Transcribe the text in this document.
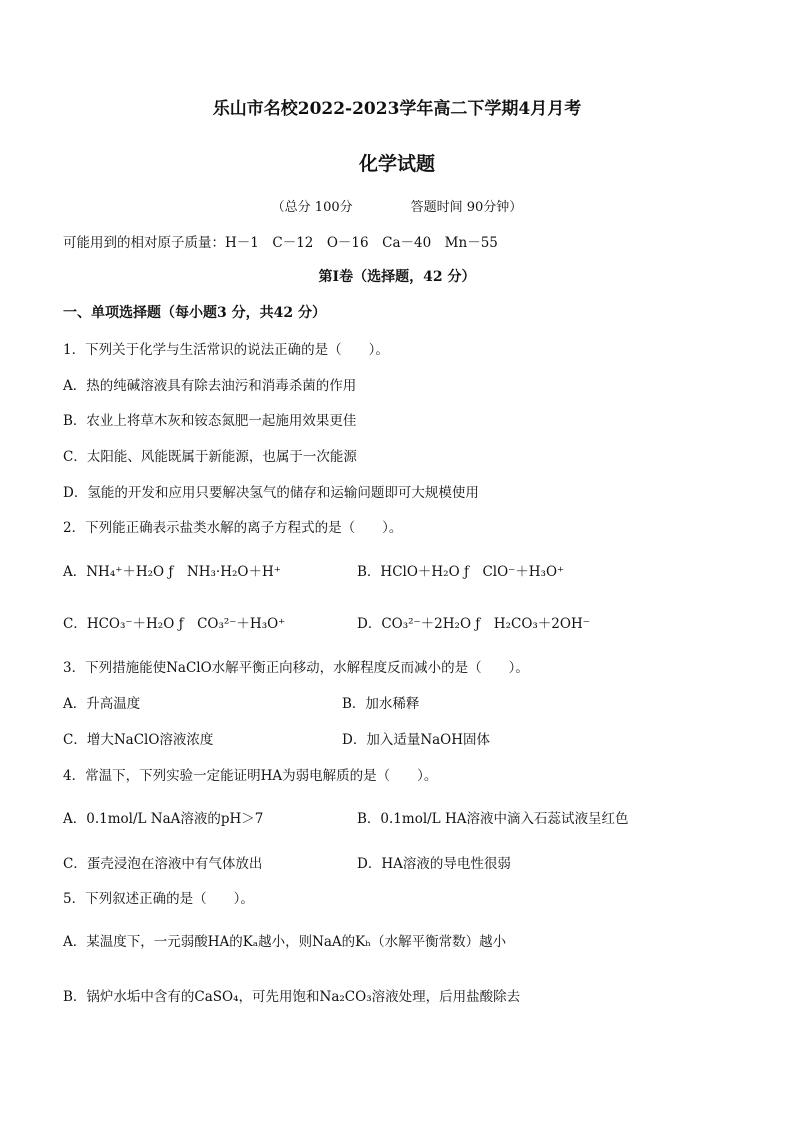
乐山市名校2022-2023学年高二下学期4月月考
化学试题
（总分 100分	答题时间 90分钟）
可能用到的相对原子质量：H－1　C－12　O－16　Ca－40　Mn－55
第Ⅰ卷（选择题，42 分）
一、单项选择题（每小题3 分，共42 分）
1．下列关于化学与生活常识的说法正确的是（　　）。
A．热的纯碱溶液具有除去油污和消毒杀菌的作用
B．农业上将草木灰和铵态氮肥一起施用效果更佳
C．太阳能、风能既属于新能源，也属于一次能源
D．氢能的开发和应用只要解决氢气的储存和运输问题即可大规模使用
2．下列能正确表示盐类水解的离子方程式的是（　　）。
A．NH₄⁺＋H₂O ƒ　NH₃·H₂O＋H⁺	B．HClO＋H₂O ƒ　ClO⁻＋H₃O⁺
C．HCO₃⁻＋H₂O ƒ　CO₃²⁻＋H₃O⁺	D．CO₃²⁻＋2H₂O ƒ　H₂CO₃＋2OH⁻
3．下列措施能使NaClO水解平衡正向移动，水解程度反而减小的是（　　）。
A．升高温度	B．加水稀释
C．增大NaClO溶液浓度	D．加入适量NaOH固体
4．常温下，下列实验一定能证明HA为弱电解质的是（　　）。
A．0.1mol/L NaA溶液的pH＞7	B．0.1mol/L HA溶液中滴入石蕊试液呈红色
C．蛋壳浸泡在溶液中有气体放出	D．HA溶液的导电性很弱
5．下列叙述正确的是（　　）。
A．某温度下，一元弱酸HA的Kₐ越小，则NaA的Kₕ（水解平衡常数）越小
B．锅炉水垢中含有的CaSO₄，可先用饱和Na₂CO₃溶液处理，后用盐酸除去
